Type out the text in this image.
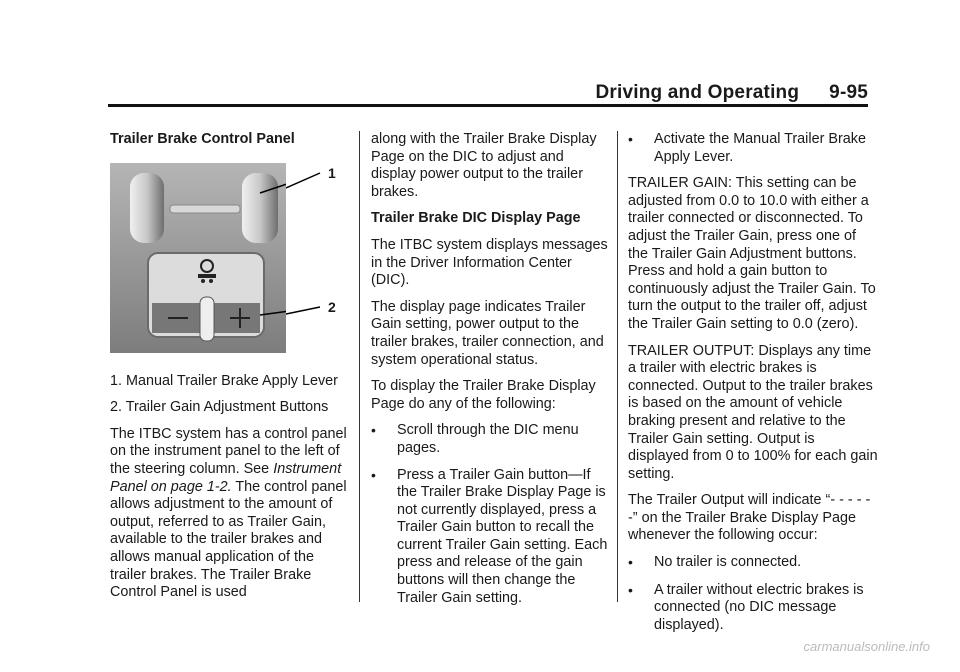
Driving and Operating 9-95

Trailer Brake Control Panel

1
2

1. Manual Trailer Brake Apply Lever

2. Trailer Gain Adjustment Buttons

The ITBC system has a control panel on the instrument panel to the left of the steering column. See Instrument Panel on page 1-2. The control panel allows adjustment to the amount of output, referred to as Trailer Gain, available to the trailer brakes and allows manual application of the trailer brakes. The Trailer Brake Control Panel is used

along with the Trailer Brake Display Page on the DIC to adjust and display power output to the trailer brakes.

Trailer Brake DIC Display Page

The ITBC system displays messages in the Driver Information Center (DIC).

The display page indicates Trailer Gain setting, power output to the trailer brakes, trailer connection, and system operational status.

To display the Trailer Brake Display Page do any of the following:

•
Scroll through the DIC menu pages.
•
Press a Trailer Gain button—If the Trailer Brake Display Page is not currently displayed, press a Trailer Gain button to recall the current Trailer Gain setting. Each press and release of the gain buttons will then change the Trailer Gain setting.
•
Activate the Manual Trailer Brake Apply Lever.

TRAILER GAIN: This setting can be adjusted from 0.0 to 10.0 with either a trailer connected or disconnected. To adjust the Trailer Gain, press one of the Trailer Gain Adjustment buttons. Press and hold a gain button to continuously adjust the Trailer Gain. To turn the output to the trailer off, adjust the Trailer Gain setting to 0.0 (zero).

TRAILER OUTPUT: Displays any time a trailer with electric brakes is connected. Output to the trailer brakes is based on the amount of vehicle braking present and relative to the Trailer Gain setting. Output is displayed from 0 to 100% for each gain setting.

The Trailer Output will indicate “- - - - - -” on the Trailer Brake Display Page whenever the following occur:

•
No trailer is connected.
•
A trailer without electric brakes is connected (no DIC message displayed).
carmanualsonline.info
